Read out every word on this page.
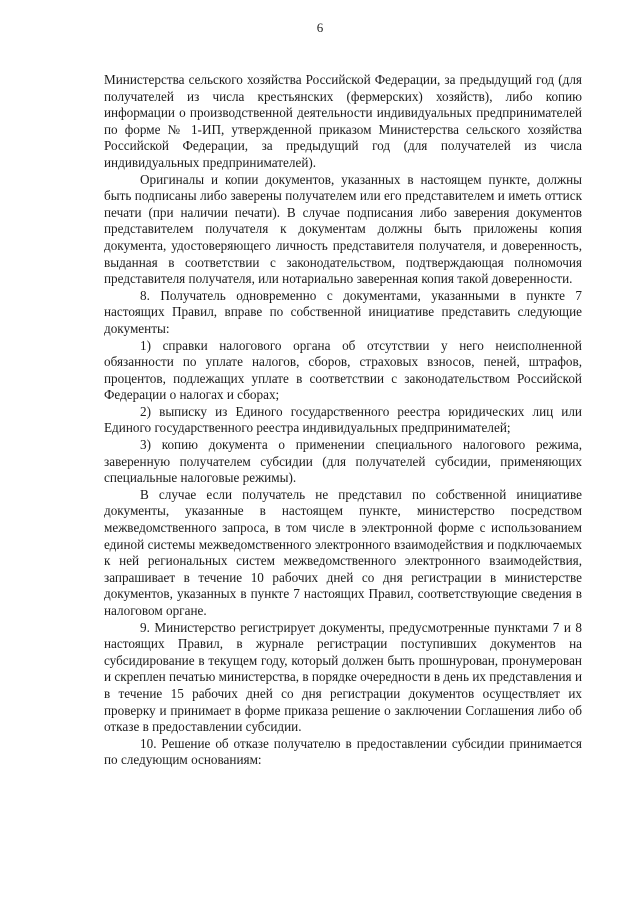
6

Министерства сельского хозяйства Российской Федерации, за предыдущий год (для получателей из числа крестьянских (фермерских) хозяйств), либо копию информации о производственной деятельности индивидуальных предпринимателей по форме № 1-ИП, утвержденной приказом Министерства сельского хозяйства Российской Федерации, за предыдущий год (для получателей из числа индивидуальных предпринимателей).

Оригиналы и копии документов, указанных в настоящем пункте, должны быть подписаны либо заверены получателем или его представителем и иметь оттиск печати (при наличии печати). В случае подписания либо заверения документов представителем получателя к документам должны быть приложены копия документа, удостоверяющего личность представителя получателя, и доверенность, выданная в соответствии с законодательством, подтверждающая полномочия представителя получателя, или нотариально заверенная копия такой доверенности.

8. Получатель одновременно с документами, указанными в пункте 7 настоящих Правил, вправе по собственной инициативе представить следующие документы:

1) справки налогового органа об отсутствии у него неисполненной обязанности по уплате налогов, сборов, страховых взносов, пеней, штрафов, процентов, подлежащих уплате в соответствии с законодательством Российской Федерации о налогах и сборах;

2) выписку из Единого государственного реестра юридических лиц или Единого государственного реестра индивидуальных предпринимателей;

3) копию документа о применении специального налогового режима, заверенную получателем субсидии (для получателей субсидии, применяющих специальные налоговые режимы).

В случае если получатель не представил по собственной инициативе документы, указанные в настоящем пункте, министерство посредством межведомственного запроса, в том числе в электронной форме с использованием единой системы межведомственного электронного взаимодействия и подключаемых к ней региональных систем межведомственного электронного взаимодействия, запрашивает в течение 10 рабочих дней со дня регистрации в министерстве документов, указанных в пункте 7 настоящих Правил, соответствующие сведения в налоговом органе.

9. Министерство регистрирует документы, предусмотренные пунктами 7 и 8 настоящих Правил, в журнале регистрации поступивших документов на субсидирование в текущем году, который должен быть прошнурован, пронумерован и скреплен печатью министерства, в порядке очередности в день их представления и в течение 15 рабочих дней со дня регистрации документов осуществляет их проверку и принимает в форме приказа решение о заключении Соглашения либо об отказе в предоставлении субсидии.

10. Решение об отказе получателю в предоставлении субсидии принимается по следующим основаниям:
